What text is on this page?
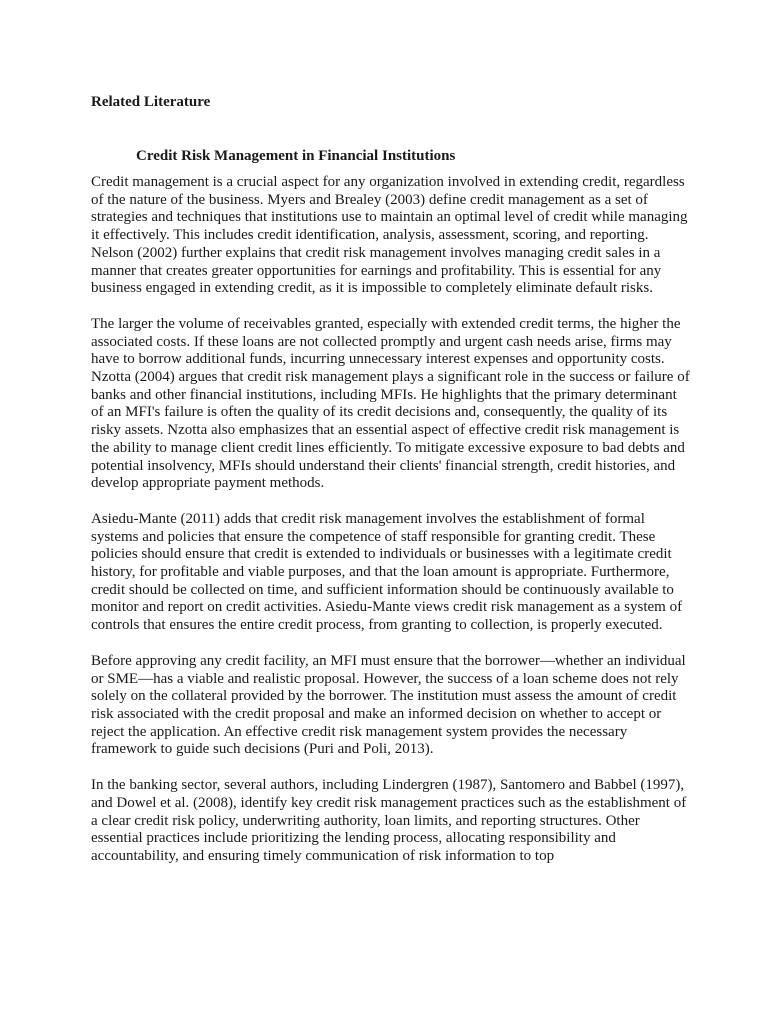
Related Literature
Credit Risk Management in Financial Institutions

Credit management is a crucial aspect for any organization involved in extending credit, regardless of the nature of the business. Myers and Brealey (2003) define credit management as a set of strategies and techniques that institutions use to maintain an optimal level of credit while managing it effectively. This includes credit identification, analysis, assessment, scoring, and reporting. Nelson (2002) further explains that credit risk management involves managing credit sales in a manner that creates greater opportunities for earnings and profitability. This is essential for any business engaged in extending credit, as it is impossible to completely eliminate default risks.

The larger the volume of receivables granted, especially with extended credit terms, the higher the associated costs. If these loans are not collected promptly and urgent cash needs arise, firms may have to borrow additional funds, incurring unnecessary interest expenses and opportunity costs. Nzotta (2004) argues that credit risk management plays a significant role in the success or failure of banks and other financial institutions, including MFIs. He highlights that the primary determinant of an MFI's failure is often the quality of its credit decisions and, consequently, the quality of its risky assets. Nzotta also emphasizes that an essential aspect of effective credit risk management is the ability to manage client credit lines efficiently. To mitigate excessive exposure to bad debts and potential insolvency, MFIs should understand their clients' financial strength, credit histories, and develop appropriate payment methods.

Asiedu-Mante (2011) adds that credit risk management involves the establishment of formal systems and policies that ensure the competence of staff responsible for granting credit. These policies should ensure that credit is extended to individuals or businesses with a legitimate credit history, for profitable and viable purposes, and that the loan amount is appropriate. Furthermore, credit should be collected on time, and sufficient information should be continuously available to monitor and report on credit activities. Asiedu-Mante views credit risk management as a system of controls that ensures the entire credit process, from granting to collection, is properly executed.

Before approving any credit facility, an MFI must ensure that the borrower—whether an individual or SME—has a viable and realistic proposal. However, the success of a loan scheme does not rely solely on the collateral provided by the borrower. The institution must assess the amount of credit risk associated with the credit proposal and make an informed decision on whether to accept or reject the application. An effective credit risk management system provides the necessary framework to guide such decisions (Puri and Poli, 2013).

In the banking sector, several authors, including Lindergren (1987), Santomero and Babbel (1997), and Dowel et al. (2008), identify key credit risk management practices such as the establishment of a clear credit risk policy, underwriting authority, loan limits, and reporting structures. Other essential practices include prioritizing the lending process, allocating responsibility and accountability, and ensuring timely communication of risk information to top
